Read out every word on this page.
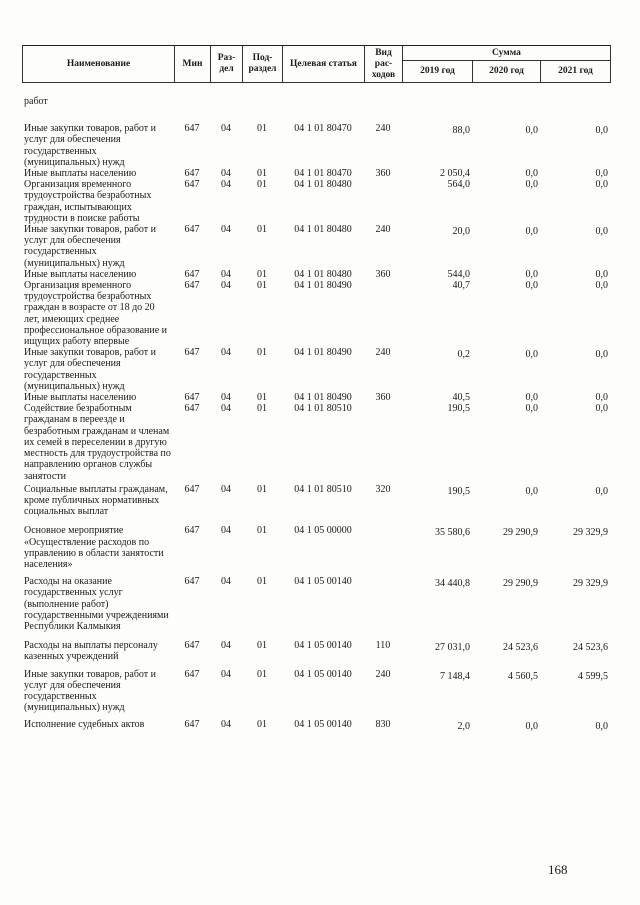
Наименование	Мин	Раз-дел	Под-раздел	Целевая статья	Вид рас-ходов	Сумма		
						2019 год	2020 год	2021 год
работ						

Иные закупки товаров, работ и услуг для обеспечения государственных (муниципальных) нужд	647	04	01	04 1 01 80470	240	88,0	0,0	0,0

Иные выплаты населению	647	04	01	04 1 01 80470	360	2 050,4	0,0	0,0

Организация временного трудоустройства безработных граждан, испытывающих трудности в поиске работы	647	04	01	04 1 01 80480		564,0	0,0	0,0

Иные закупки товаров, работ и услуг для обеспечения государственных (муниципальных) нужд	647	04	01	04 1 01 80480	240	20,0	0,0	0,0

Иные выплаты населению	647	04	01	04 1 01 80480	360	544,0	0,0	0,0

Организация временного трудоустройства безработных граждан в возрасте от 18 до 20 лет, имеющих среднее профессиональное образование и ищущих работу впервые	647	04	01	04 1 01 80490		40,7	0,0	0,0

Иные закупки товаров, работ и услуг для обеспечения государственных (муниципальных) нужд	647	04	01	04 1 01 80490	240	0,2	0,0	0,0

Иные выплаты населению	647	04	01	04 1 01 80490	360	40,5	0,0	0,0

Содействие безработным гражданам в переезде и безработным гражданам и членам их семей в переселении в другую местность для трудоустройства по направлению органов службы занятости	647	04	01	04 1 01 80510		190,5	0,0	0,0

Социальные выплаты гражданам, кроме публичных нормативных социальных выплат	647	04	01	04 1 01 80510	320	190,5	0,0	0,0

Основное мероприятие «Осуществление расходов по управлению в области занятости населения»	647	04	01	04 1 05 00000		35 580,6	29 290,9	29 329,9

Расходы на оказание государственных услуг (выполнение работ) государственными учреждениями Республики Калмыкия	647	04	01	04 1 05 00140		34 440,8	29 290,9	29 329,9

Расходы на выплаты персоналу казенных учреждений	647	04	01	04 1 05 00140	110	27 031,0	24 523,6	24 523,6

Иные закупки товаров, работ и услуг для обеспечения государственных (муниципальных) нужд	647	04	01	04 1 05 00140	240	7 148,4	4 560,5	4 599,5

Исполнение судебных актов	647	04	01	04 1 05 00140	830	2,0	0,0	0,0
168
